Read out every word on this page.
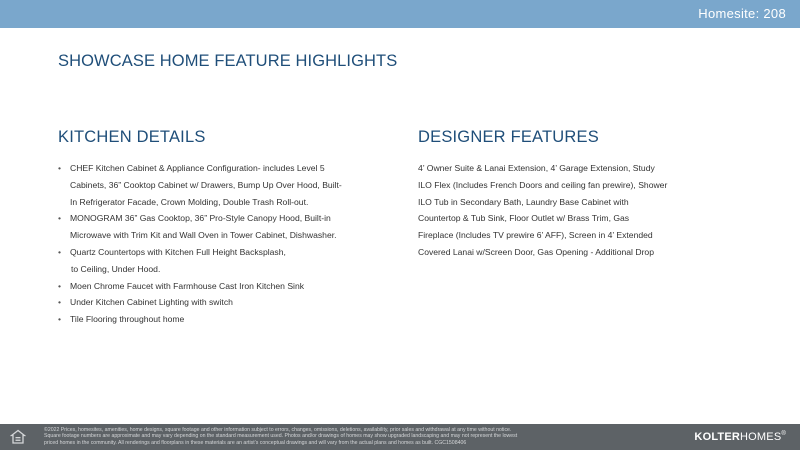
Homesite: 208
SHOWCASE HOME FEATURE HIGHLIGHTS
KITCHEN DETAILS	DESIGNER FEATURES
• CHEF Kitchen Cabinet & Appliance Configuration- includes Level 5
Cabinets, 36” Cooktop Cabinet w/ Drawers, Bump Up Over Hood, Built-
In Refrigerator Facade, Crown Molding, Double Trash Roll-out.
• MONOGRAM 36” Gas Cooktop, 36” Pro-Style Canopy Hood, Built-in
Microwave with Trim Kit and Wall Oven in Tower Cabinet, Dishwasher.
• Quartz Countertops with Kitchen Full Height Backsplash,
to Ceiling, Under Hood.
• Moen Chrome Faucet with Farmhouse Cast Iron Kitchen Sink
• Under Kitchen Cabinet Lighting with switch
• Tile Flooring throughout home
4’ Owner Suite & Lanai Extension, 4’ Garage Extension, Study
ILO Flex (Includes French Doors and ceiling fan prewire), Shower
ILO Tub in Secondary Bath, Laundry Base Cabinet with
Countertop & Tub Sink, Floor Outlet w/ Brass Trim, Gas
Fireplace (Includes TV prewire 6’ AFF), Screen in 4’ Extended
Covered Lanai w/Screen Door, Gas Opening - Additional Drop
©2022 Prices, homesites, amenities, home designs, square footage and other information subject to errors, changes, omissions, deletions, availability, prior sales and withdrawal at any time without notice.
Square footage numbers are approximate and may vary depending on the standard measurement used. Photos and/or drawings of homes may show upgraded landscaping and may not represent the lowest
priced homes in the community. All renderings and floorplans in these materials are an artist’s conceptual drawings and will vary from the actual plans and homes as built. CGC1508406	KOLTERHOMES®
